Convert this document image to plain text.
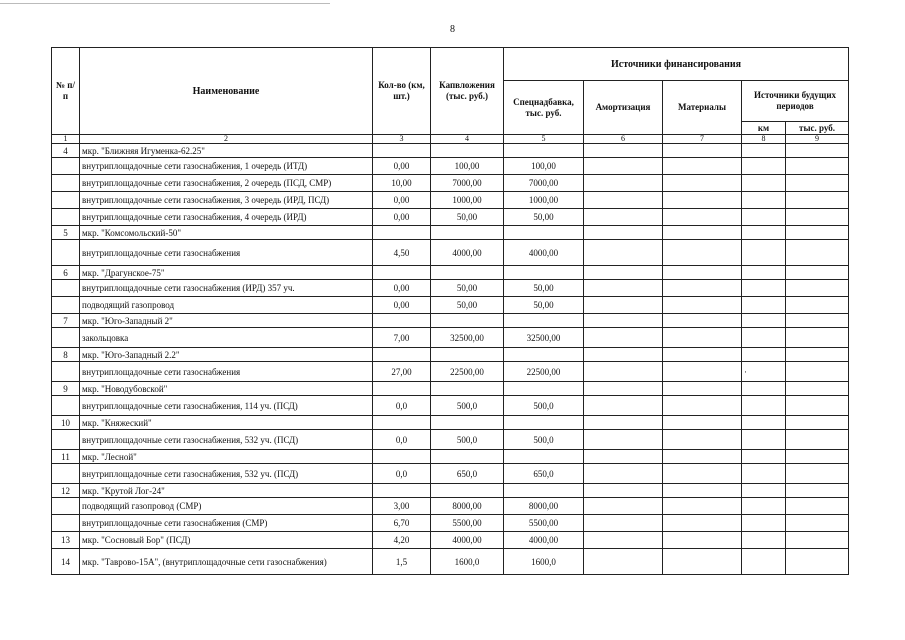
8
№ п/п	Наименование	Кол-во (км, шт.)	Капвложения (тыс. руб.)	Источники финансирования				
				Спецнадбавка, тыс. руб.	Амортизация	Материалы	Источники будущих периодов	
							км	тыс. руб.
1	2	3	4	5	6	7	8	9
4	мкр. "Ближняя Игуменка-62.25"							
	внутриплощадочные сети газоснабжения, 1 очередь (ИТД)	0,00	100,00	100,00				
	внутриплощадочные сети газоснабжения, 2 очередь (ПСД, СМР)	10,00	7000,00	7000,00				
	внутриплощадочные сети газоснабжения, 3 очередь (ИРД, ПСД)	0,00	1000,00	1000,00				
	внутриплощадочные сети газоснабжения, 4 очередь (ИРД)	0,00	50,00	50,00				
5	мкр. "Комсомольский-50"							
	внутриплощадочные сети газоснабжения	4,50	4000,00	4000,00				
6	мкр. "Драгунское-75"							
	внутриплощадочные сети газоснабжения (ИРД) 357 уч.	0,00	50,00	50,00				
	подводящий газопровод	0,00	50,00	50,00				
7	мкр. "Юго-Западный 2"							
	закольцовка	7,00	32500,00	32500,00				
8	мкр. "Юго-Западный 2.2"							
	внутриплощадочные сети газоснабжения	27,00	22500,00	22500,00			·	
9	мкр. "Новодубовской"							
	внутриплощадочные сети газоснабжения, 114 уч. (ПСД)	0,0	500,0	500,0				
10	мкр. "Княжеский"							
	внутриплощадочные сети газоснабжения, 532 уч. (ПСД)	0,0	500,0	500,0				
11	мкр. "Лесной"							
	внутриплощадочные сети газоснабжения, 532 уч. (ПСД)	0,0	650,0	650,0				
12	мкр. "Крутой Лог-24"							
	подводящий газопровод (СМР)	3,00	8000,00	8000,00				
	внутриплощадочные сети газоснабжения (СМР)	6,70	5500,00	5500,00				
13	мкр. "Сосновый Бор" (ПСД)	4,20	4000,00	4000,00				
14	мкр. "Таврово-15А", (внутриплощадочные сети газоснабжения)	1,5	1600,0	1600,0				
